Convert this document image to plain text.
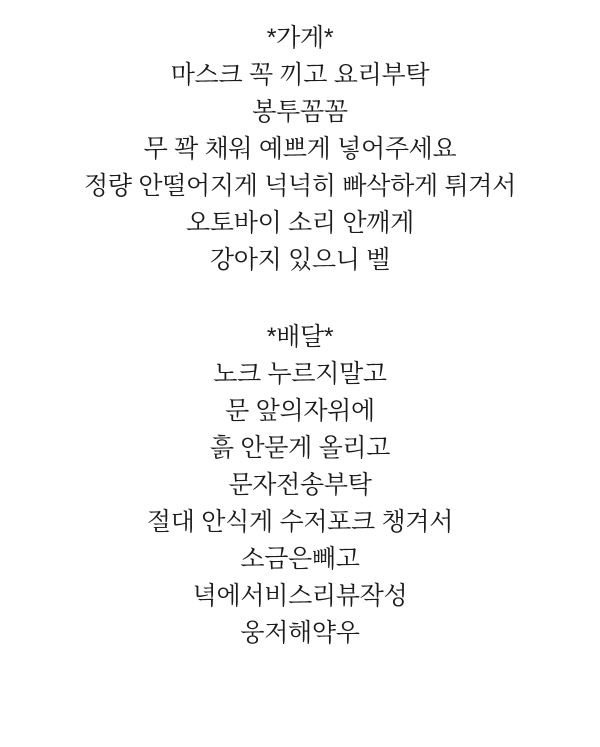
*가게*
마스크 꼭 끼고 요리부탁
봉투꼼꼼
무 꽉 채워 예쁘게 넣어주세요
정량 안떨어지게 넉넉히 빠삭하게 튀겨서
오토바이 소리 안깨게
강아지 있으니 벨
*배달*
노크 누르지말고
문 앞의자위에
흙 안묻게 올리고
문자전송부탁
절대 안식게 수저포크 챙겨서
소금은빼고
녁에서비스리뷰작성
웅저해약우
